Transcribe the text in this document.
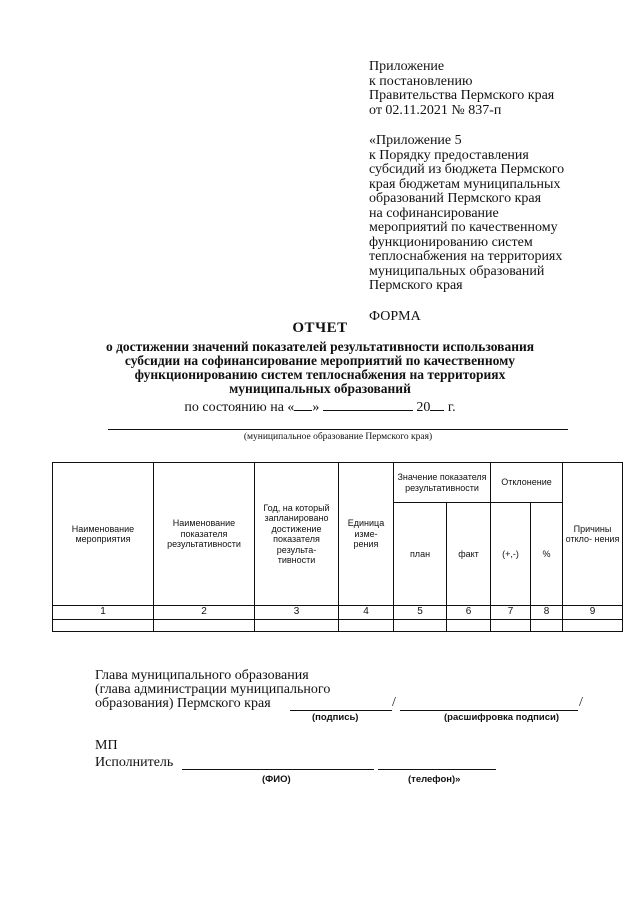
Приложение
к постановлению
Правительства Пермского края
от 02.11.2021 № 837-п
«Приложение 5
к Порядку предоставления
субсидий из бюджета Пермского
края бюджетам муниципальных
образований Пермского края
на софинансирование
мероприятий по качественному
функционированию систем
теплоснабжения на территориях
муниципальных образований
Пермского края
ФОРМА
ОТЧЕТ
о достижении значений показателей результативности использования
субсидии на софинансирование мероприятий по качественному
функционированию систем теплоснабжения на территориях
муниципальных образований
по состоянию на « »	20 г.
(муниципальное образование Пермского края)
Наименование мероприятия	Наименование показателя результативности	Год, на который запланировано достижение показателя результа- тивности	Единица изме- рения	Значение показателя результативности		Отклонение		Причины откло- нения
				план	факт	(+,-)	%	
1	2	3	4	5	6	7	8	9

Глава муниципального образования
(глава администрации муниципального
образования) Пермского края	/	/
(подпись)	(расшифровка подписи)
МП
Исполнитель
(ФИО)	(телефон)»
